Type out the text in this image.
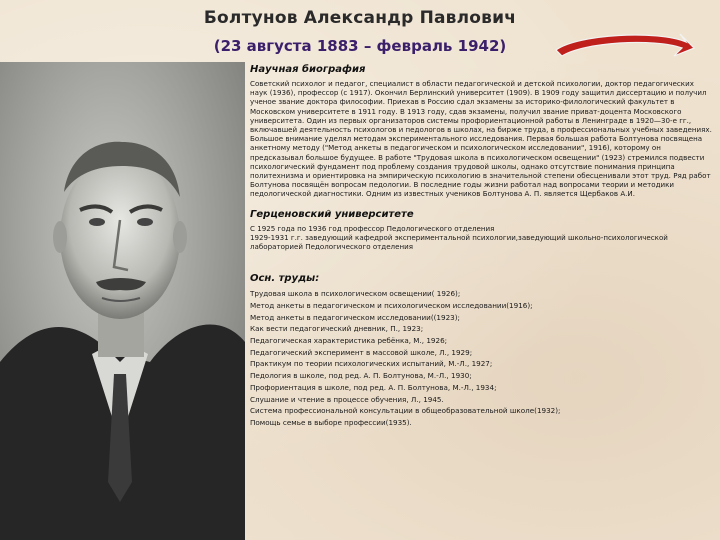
Болтунов Александр Павлович
(23 августа 1883 – февраль 1942)
Научная биография

Советский психолог и педагог, специалист в области педагогической и детской психологии, доктор педагогических наук (1936), профессор (с 1917). Окончил Берлинский университет (1909). В 1909 году защитил диссертацию и получил ученое звание доктора философии. Приехав в Россию сдал экзамены за историко-филологический факультет в Московском университете в 1911 году. В 1913 году, сдав экзамены, получил звание приват-доцента Московского университета. Один из первых организаторов системы профориентационной работы в Ленинграде в 1920—30-е гг., включавшей деятельность психологов и педологов в школах, на бирже труда, в профессиональных учебных заведениях. Большое внимание уделял методам экспериментального исследования. Первая большая работа Болтунова посвящена анкетному методу ("Метод анкеты в педагогическом и психологическом исследовании", 1916), которому он предсказывал большое будущее. В работе "Трудовая школа в психологическом освещении" (1923) стремился подвести психологический фундамент под проблему создания трудовой школы, однако отсутствие понимания принципа политехнизма и ориентировка на эмпирическую психологию в значительной степени обесценивали этот труд. Ряд работ Болтунова посвящён вопросам педологии. В последние годы жизни работал над вопросами теории и методики педологической диагностики. Одним из известных учеников Болтунова А. П. является Щербаков А.И.

Герценовский университете

С 1925 года по 1936 год профессор Педологического отделения

1929-1931 г.г. заведующий кафедрой экспериментальной психологии,заведующий школьно-психологической лабораторией Педологического отделения

Осн. труды:
Трудовая школа в психологическом освещении( 1926);
Метод анкеты в педагогическом и психологическом исследовании(1916);
Метод анкеты в педагогическом исследовании((1923);
Как вести педагогический дневник, П., 1923;
Педагогическая характеристика ребёнка, М., 1926;
Педагогический эксперимент в массовой школе, Л., 1929;
Практикум по теории психологических испытаний, М.-Л., 1927;
Педология в школе, под ред. А. П. Болтунова, М.-Л., 1930;
Профориентация в школе, под ред. А. П. Болтунова, М.-Л., 1934;
Слушание и чтение в процессе обучения, Л., 1945.
Система профессиональной консультации в общеобразовательной школе(1932);
Помощь семье в выборе профессии(1935).
